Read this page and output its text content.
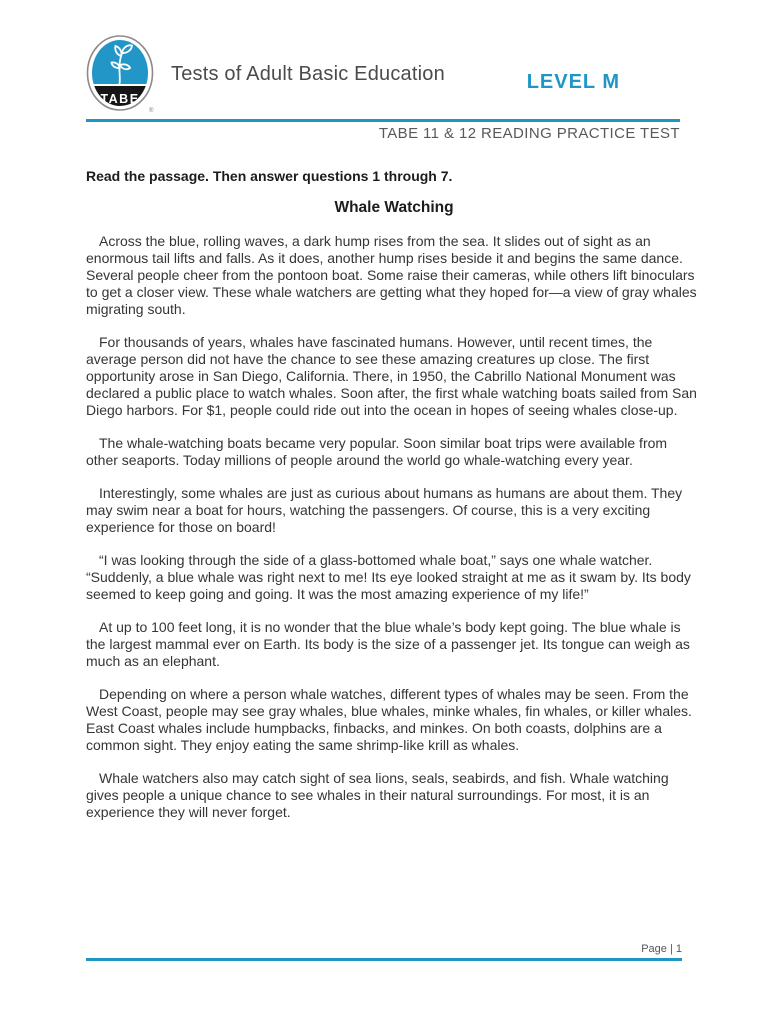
TABE
®
Tests of Adult Basic Education	LEVEL M
TABE 11 & 12 READING PRACTICE TEST

Read the passage. Then answer questions 1 through 7.

Whale Watching

Across the blue, rolling waves, a dark hump rises from the sea. It slides out of sight as an enormous tail lifts and falls. As it does, another hump rises beside it and begins the same dance. Several people cheer from the pontoon boat. Some raise their cameras, while others lift binoculars to get a closer view. These whale watchers are getting what they hoped for—a view of gray whales migrating south.

For thousands of years, whales have fascinated humans. However, until recent times, the average person did not have the chance to see these amazing creatures up close. The first opportunity arose in San Diego, California. There, in 1950, the Cabrillo National Monument was declared a public place to watch whales. Soon after, the first whale watching boats sailed from San Diego harbors. For $1, people could ride out into the ocean in hopes of seeing whales close-up.

The whale-watching boats became very popular. Soon similar boat trips were available from other seaports. Today millions of people around the world go whale-watching every year.

Interestingly, some whales are just as curious about humans as humans are about them. They may swim near a boat for hours, watching the passengers. Of course, this is a very exciting experience for those on board!

“I was looking through the side of a glass-bottomed whale boat,” says one whale watcher. “Suddenly, a blue whale was right next to me! Its eye looked straight at me as it swam by. Its body seemed to keep going and going. It was the most amazing experience of my life!”

At up to 100 feet long, it is no wonder that the blue whale’s body kept going. The blue whale is the largest mammal ever on Earth. Its body is the size of a passenger jet. Its tongue can weigh as much as an elephant.

Depending on where a person whale watches, different types of whales may be seen. From the West Coast, people may see gray whales, blue whales, minke whales, fin whales, or killer whales. East Coast whales include humpbacks, finbacks, and minkes. On both coasts, dolphins are a common sight. They enjoy eating the same shrimp-like krill as whales.

Whale watchers also may catch sight of sea lions, seals, seabirds, and fish. Whale watching gives people a unique chance to see whales in their natural surroundings. For most, it is an experience they will never forget.

Page | 1
